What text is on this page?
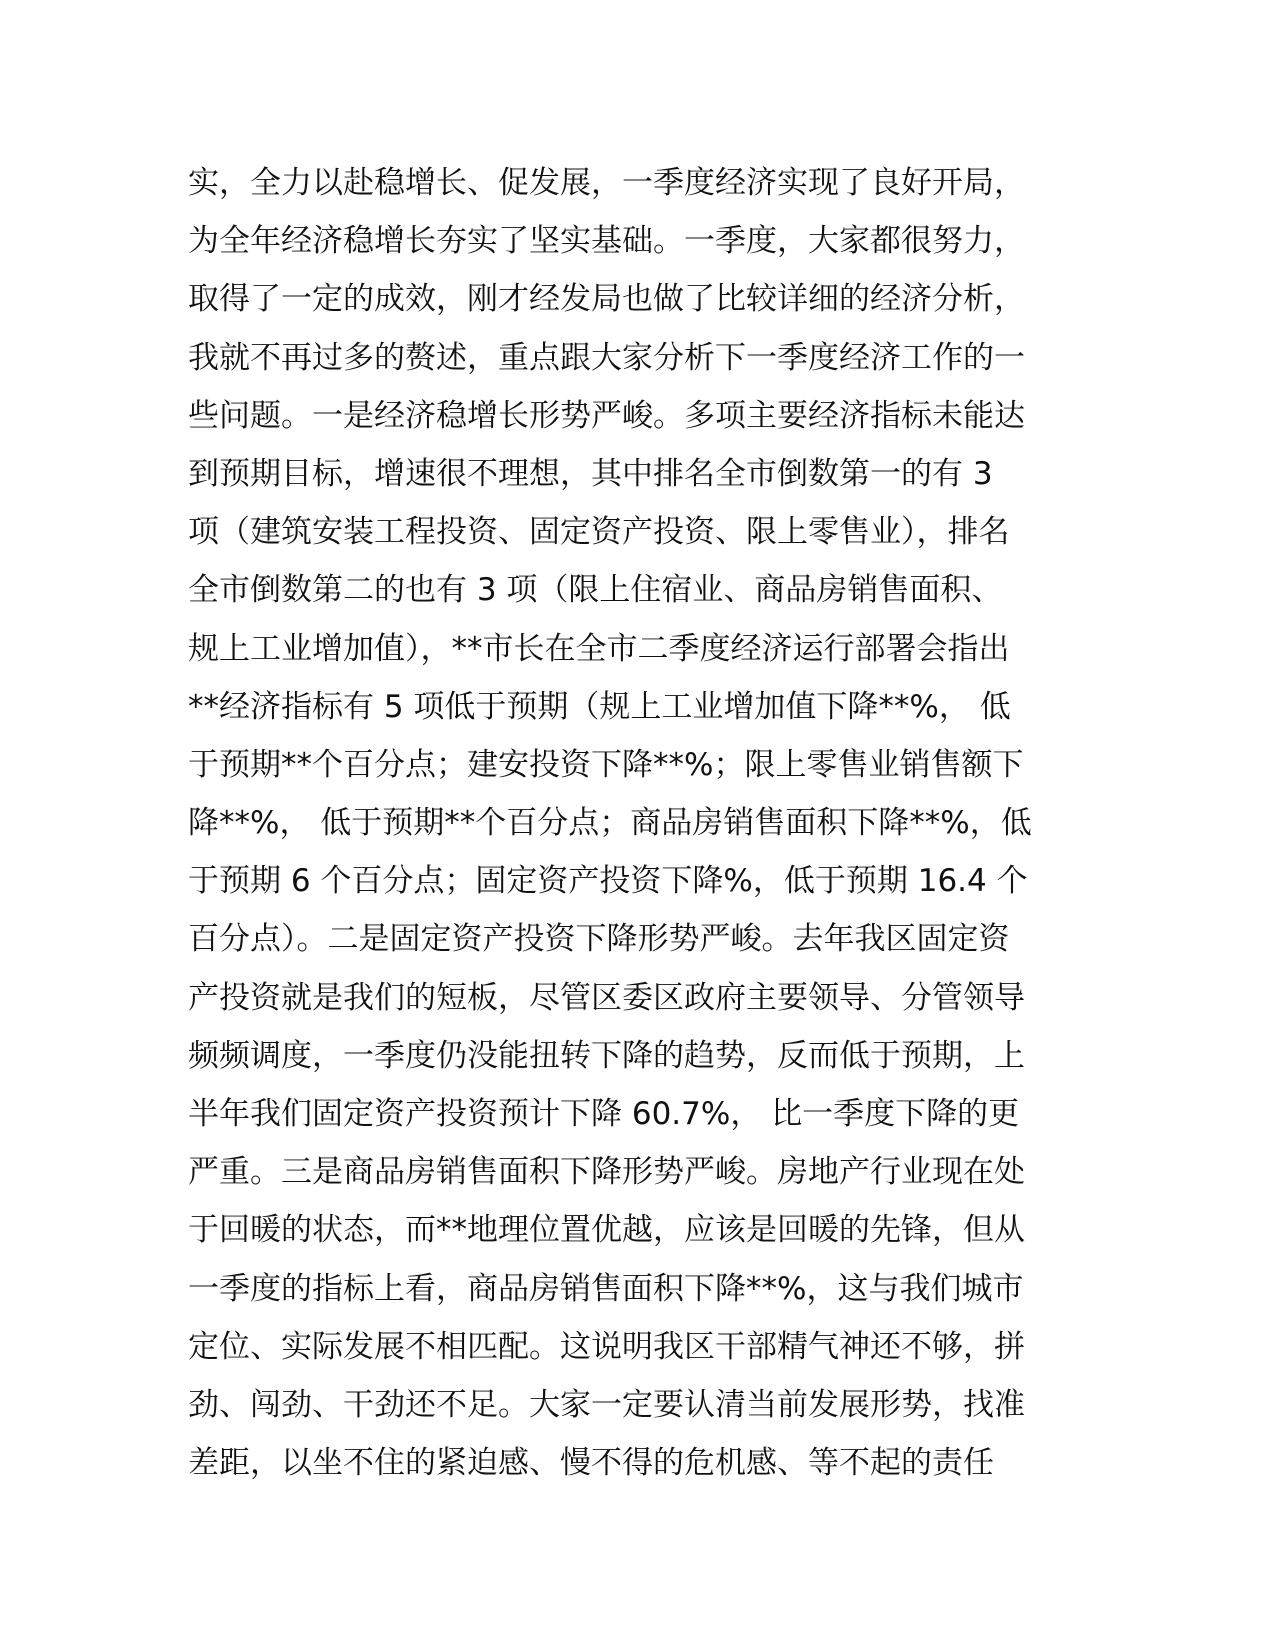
实，全力以赴稳增长、促发展，一季度经济实现了良好开局，
为全年经济稳增长夯实了坚实基础。一季度，大家都很努力，
取得了一定的成效，刚才经发局也做了比较详细的经济分析，
我就不再过多的赘述，重点跟大家分析下一季度经济工作的一
些问题。一是经济稳增长形势严峻。多项主要经济指标未能达
到预期目标，增速很不理想，其中排名全市倒数第一的有 3
项（建筑安装工程投资、固定资产投资、限上零售业），排名
全市倒数第二的也有 3 项（限上住宿业、商品房销售面积、
规上工业增加值），**市长在全市二季度经济运行部署会指出
**经济指标有 5 项低于预期（规上工业增加值下降**%， 低
于预期**个百分点；建安投资下降**%；限上零售业销售额下
降**%， 低于预期**个百分点；商品房销售面积下降**%，低
于预期 6 个百分点；固定资产投资下降%，低于预期 16.4 个
百分点）。二是固定资产投资下降形势严峻。去年我区固定资
产投资就是我们的短板，尽管区委区政府主要领导、分管领导
频频调度，一季度仍没能扭转下降的趋势，反而低于预期，上
半年我们固定资产投资预计下降 60.7%， 比一季度下降的更
严重。三是商品房销售面积下降形势严峻。房地产行业现在处
于回暖的状态，而**地理位置优越，应该是回暖的先锋，但从
一季度的指标上看，商品房销售面积下降**%，这与我们城市
定位、实际发展不相匹配。这说明我区干部精气神还不够，拼
劲、闯劲、干劲还不足。大家一定要认清当前发展形势，找准
差距，以坐不住的紧迫感、慢不得的危机感、等不起的责任
